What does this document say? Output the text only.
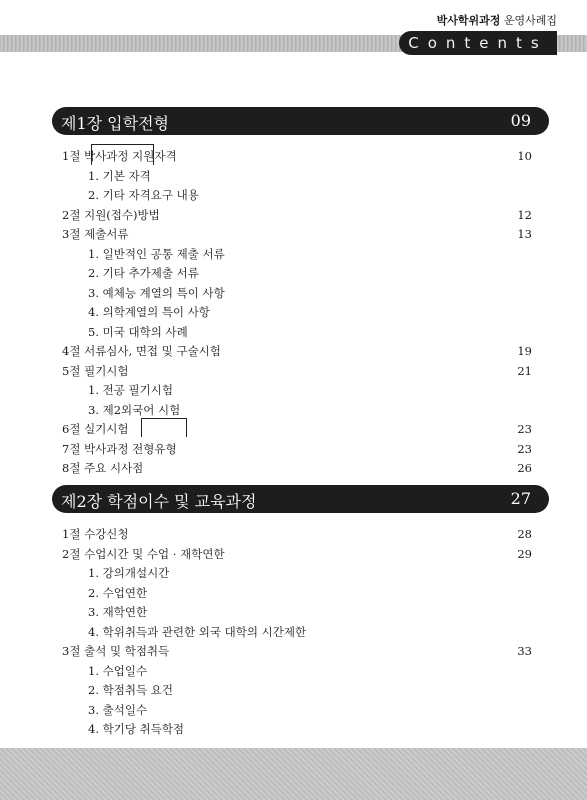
박사학위과정 운영사례집
Contents
제1장 입학전형	09
1절 박사과정 지원자격	10
1. 기본 자격
2. 기타 자격요구 내용
2절 지원(접수)방법	12
3절 제출서류	13
1. 일반적인 공통 제출 서류
2. 기타 추가제출 서류
3. 예체능 계열의 특이 사항
4. 의학계열의 특이 사항
5. 미국 대학의 사례
4절 서류심사, 면접 및 구술시험	19
5절 필기시험	21
1. 전공 필기시험
3. 제2외국어 시험
6절 실기시험	23
7절 박사과정 전형유형	23
8절 주요 시사점	26
제2장 학점이수 및 교육과정	27
1절 수강신청	28
2절 수업시간 및 수업 · 재학연한	29
1. 강의개설시간
2. 수업연한
3. 재학연한
4. 학위취득과 관련한 외국 대학의 시간제한
3절 출석 및 학점취득	33
1. 수업일수
2. 학점취득 요건
3. 출석일수
4. 학기당 취득학점
